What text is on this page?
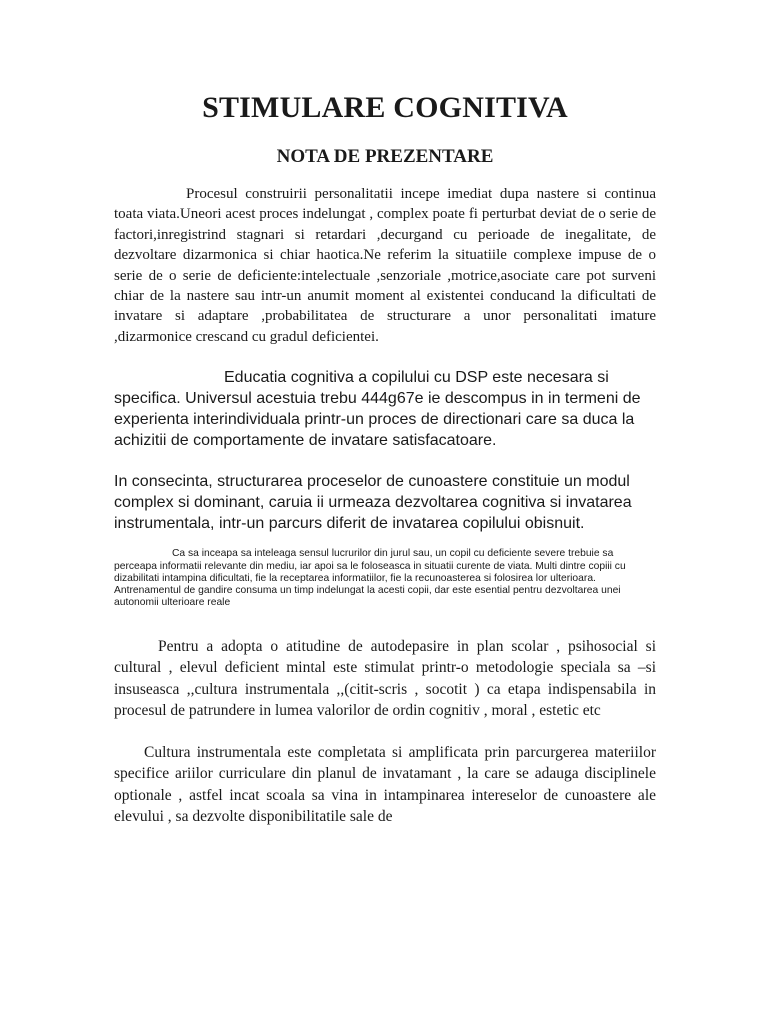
STIMULARE COGNITIVA
NOTA DE PREZENTARE

Procesul construirii personalitatii incepe imediat dupa nastere si continua toata viata.Uneori acest proces indelungat , complex poate fi perturbat deviat de o serie de factori,inregistrind stagnari si retardari ,decurgand cu perioade de inegalitate, de dezvoltare dizarmonica si chiar haotica.Ne referim la situatiile complexe impuse de o serie de o serie de deficiente:intelectuale ,senzoriale ,motrice,asociate care pot surveni chiar de la nastere sau intr-un anumit moment al existentei conducand la dificultati de invatare si adaptare ,probabilitatea de structurare a unor personalitati imature ,dizarmonice crescand cu gradul deficientei.

Educatia cognitiva a copilului cu DSP este necesara si specifica. Universul acestuia trebu 444g67e ie descompus in in termeni de experienta interindividuala printr-un proces de directionari care sa duca la achizitii de comportamente de invatare satisfacatoare.

In consecinta, structurarea proceselor de cunoastere constituie un modul complex si dominant, caruia ii urmeaza dezvoltarea cognitiva si invatarea instrumentala, intr-un parcurs diferit de invatarea copilului obisnuit.

Ca sa inceapa sa inteleaga sensul lucrurilor din jurul sau, un copil cu deficiente severe trebuie sa perceapa informatii relevante din mediu, iar apoi sa le foloseasca in situatii curente de viata. Multi dintre copiii cu dizabilitati intampina dificultati, fie la receptarea informatiilor, fie la recunoasterea si folosirea lor ulterioara. Antrenamentul de gandire consuma un timp indelungat la acesti copii, dar este esential pentru dezvoltarea unei autonomii ulterioare reale

Pentru a adopta o atitudine de autodepasire in plan scolar , psihosocial si cultural , elevul deficient mintal este stimulat printr-o metodologie speciala sa –si insuseasca ,,cultura instrumentala ,,(citit-scris , socotit ) ca etapa indispensabila in procesul de patrundere in lumea valorilor de ordin cognitiv , moral , estetic etc

Cultura instrumentala este completata si amplificata prin parcurgerea materiilor specifice ariilor curriculare din planul de invatamant , la care se adauga disciplinele optionale , astfel incat scoala sa vina in intampinarea intereselor de cunoastere ale elevului , sa dezvolte disponibilitatile sale de
